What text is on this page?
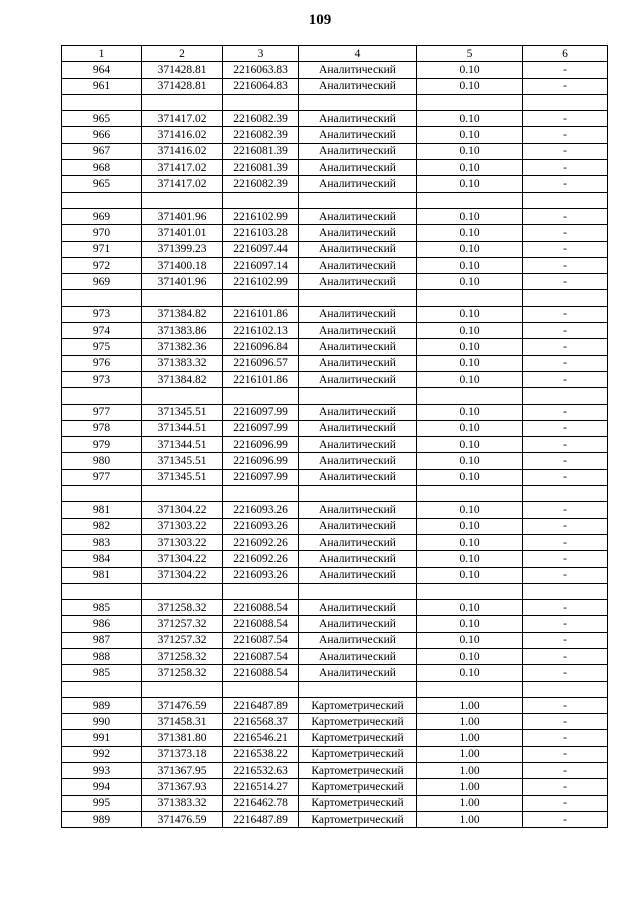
109
1	2	3	4	5	6
964	371428.81	2216063.83	Аналитический	0.10	-
961	371428.81	2216064.83	Аналитический	0.10	-

965	371417.02	2216082.39	Аналитический	0.10	-
966	371416.02	2216082.39	Аналитический	0.10	-
967	371416.02	2216081.39	Аналитический	0.10	-
968	371417.02	2216081.39	Аналитический	0.10	-
965	371417.02	2216082.39	Аналитический	0.10	-

969	371401.96	2216102.99	Аналитический	0.10	-
970	371401.01	2216103.28	Аналитический	0.10	-
971	371399.23	2216097.44	Аналитический	0.10	-
972	371400.18	2216097.14	Аналитический	0.10	-
969	371401.96	2216102.99	Аналитический	0.10	-

973	371384.82	2216101.86	Аналитический	0.10	-
974	371383.86	2216102.13	Аналитический	0.10	-
975	371382.36	2216096.84	Аналитический	0.10	-
976	371383.32	2216096.57	Аналитический	0.10	-
973	371384.82	2216101.86	Аналитический	0.10	-

977	371345.51	2216097.99	Аналитический	0.10	-
978	371344.51	2216097.99	Аналитический	0.10	-
979	371344.51	2216096.99	Аналитический	0.10	-
980	371345.51	2216096.99	Аналитический	0.10	-
977	371345.51	2216097.99	Аналитический	0.10	-

981	371304.22	2216093.26	Аналитический	0.10	-
982	371303.22	2216093.26	Аналитический	0.10	-
983	371303.22	2216092.26	Аналитический	0.10	-
984	371304.22	2216092.26	Аналитический	0.10	-
981	371304.22	2216093.26	Аналитический	0.10	-

985	371258.32	2216088.54	Аналитический	0.10	-
986	371257.32	2216088.54	Аналитический	0.10	-
987	371257.32	2216087.54	Аналитический	0.10	-
988	371258.32	2216087.54	Аналитический	0.10	-
985	371258.32	2216088.54	Аналитический	0.10	-

989	371476.59	2216487.89	Картометрический	1.00	-
990	371458.31	2216568.37	Картометрический	1.00	-
991	371381.80	2216546.21	Картометрический	1.00	-
992	371373.18	2216538.22	Картометрический	1.00	-
993	371367.95	2216532.63	Картометрический	1.00	-
994	371367.93	2216514.27	Картометрический	1.00	-
995	371383.32	2216462.78	Картометрический	1.00	-
989	371476.59	2216487.89	Картометрический	1.00	-
